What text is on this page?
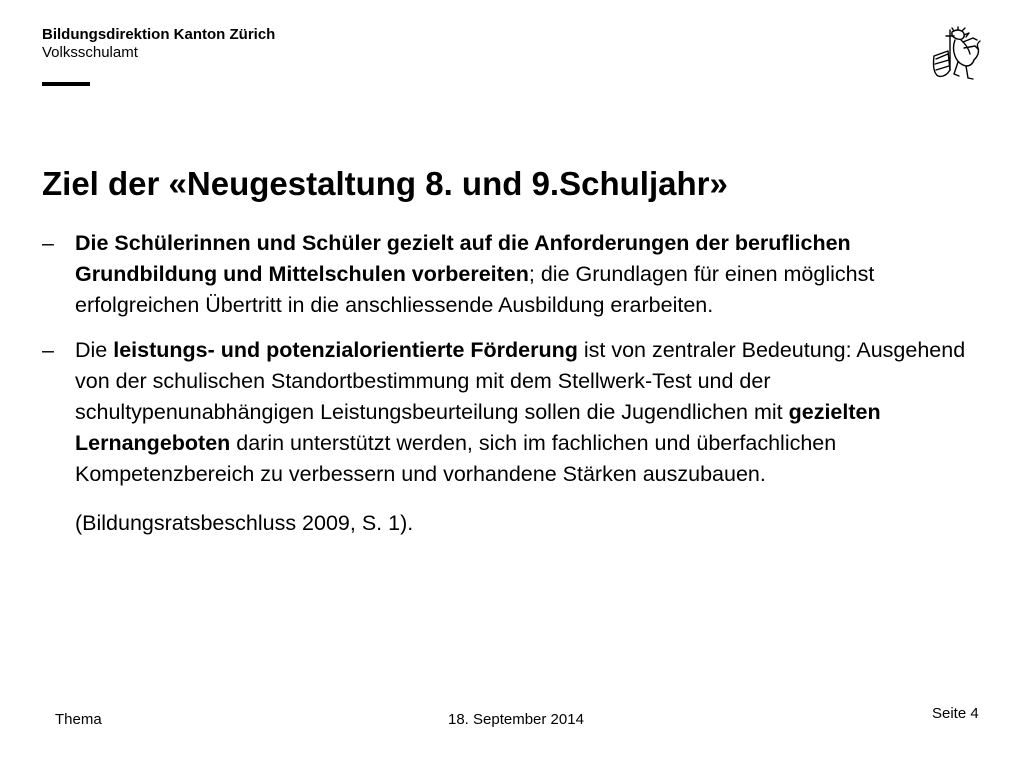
Bildungsdirektion Kanton Zürich
Volksschulamt
Ziel der «Neugestaltung 8. und 9.Schuljahr»
– Die Schülerinnen und Schüler gezielt auf die Anforderungen der beruflichen Grundbildung und Mittelschulen vorbereiten; die Grundlagen für einen möglichst erfolgreichen Übertritt in die anschliessende Ausbildung erarbeiten.
– Die leistungs- und potenzialorientierte Förderung ist von zentraler Bedeutung: Ausgehend von der schulischen Standortbestimmung mit dem Stellwerk-Test und der schultypenunabhängigen Leistungsbeurteilung sollen die Jugendlichen mit gezielten Lernangeboten darin unterstützt werden, sich im fachlichen und überfachlichen Kompetenzbereich zu verbessern und vorhandene Stärken auszubauen.
(Bildungsratsbeschluss 2009, S. 1).
Thema	18. September 2014	Seite 4
